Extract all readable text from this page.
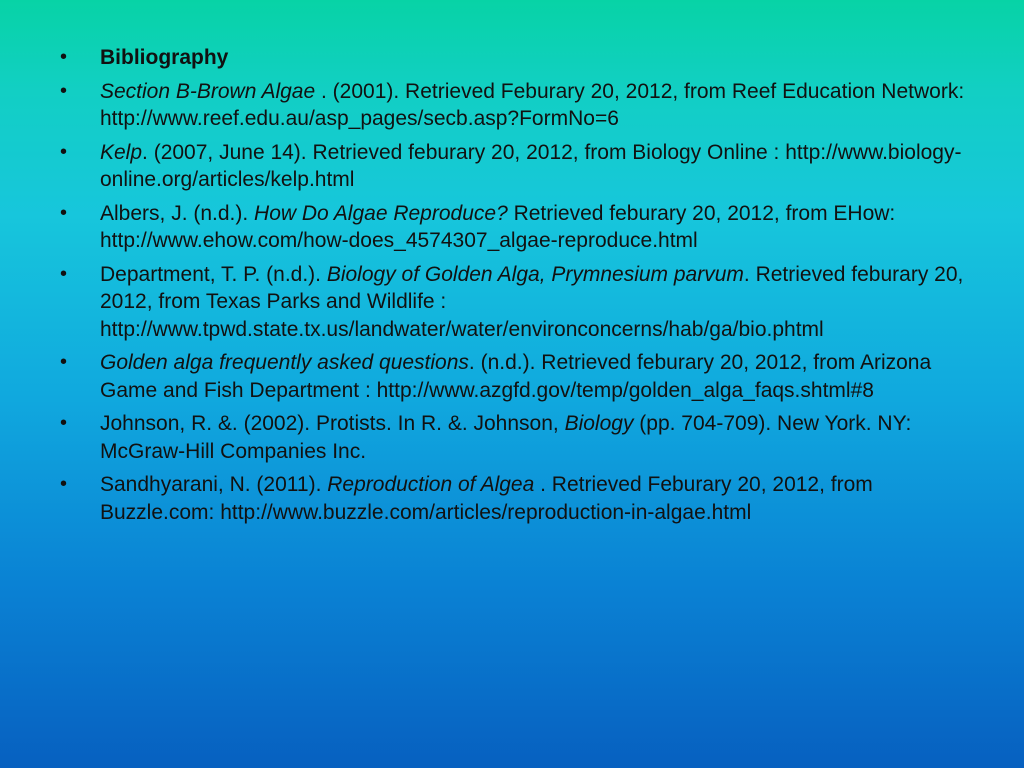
• Bibliography
• Section B-Brown Algae . (2001). Retrieved Feburary 20, 2012, from Reef Education Network: http://www.reef.edu.au/asp_pages/secb.asp?FormNo=6
• Kelp. (2007, June 14). Retrieved feburary 20, 2012, from Biology Online : http://www.biology-online.org/articles/kelp.html
• Albers, J. (n.d.). How Do Algae Reproduce? Retrieved feburary 20, 2012, from EHow: http://www.ehow.com/how-does_4574307_algae-reproduce.html
• Department, T. P. (n.d.). Biology of Golden Alga, Prymnesium parvum. Retrieved feburary 20, 2012, from Texas Parks and Wildlife : http://www.tpwd.state.tx.us/landwater/water/environconcerns/hab/ga/bio.phtml
• Golden alga frequently asked questions. (n.d.). Retrieved feburary 20, 2012, from Arizona Game and Fish Department : http://www.azgfd.gov/temp/golden_alga_faqs.shtml#8
• Johnson, R. &. (2002). Protists. In R. &. Johnson, Biology (pp. 704-709). New York. NY: McGraw-Hill Companies Inc.
• Sandhyarani, N. (2011). Reproduction of Algea . Retrieved Feburary 20, 2012, from Buzzle.com: http://www.buzzle.com/articles/reproduction-in-algae.html
